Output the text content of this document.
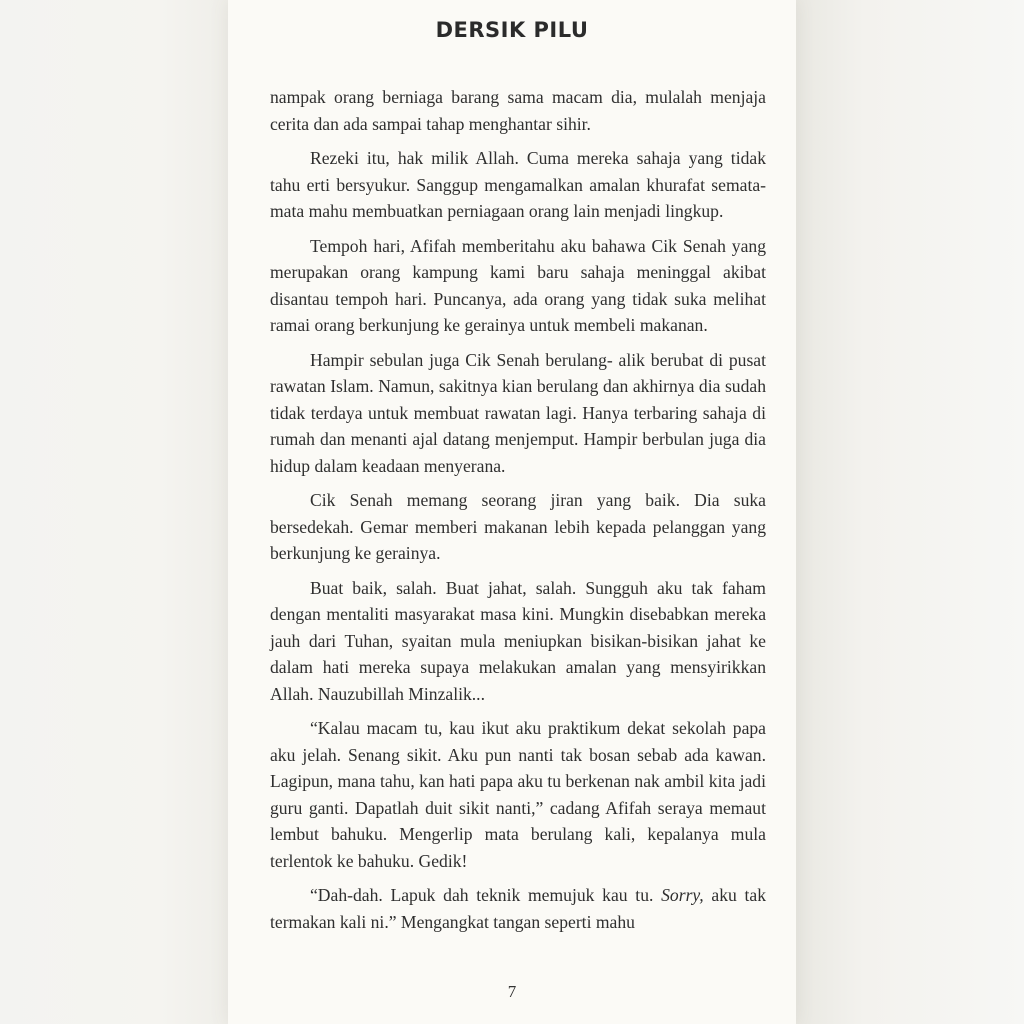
DERSIK PILU

nampak orang berniaga barang sama macam dia, mulalah menjaja cerita dan ada sampai tahap menghantar sihir.

Rezeki itu, hak milik Allah. Cuma mereka sahaja yang tidak tahu erti bersyukur. Sanggup mengamalkan amalan khurafat semata-mata mahu membuatkan perniagaan orang lain menjadi lingkup.

Tempoh hari, Afifah memberitahu aku bahawa Cik Senah yang merupakan orang kampung kami baru sahaja meninggal akibat disantau tempoh hari. Puncanya, ada orang yang tidak suka melihat ramai orang berkunjung ke gerainya untuk membeli makanan.

Hampir sebulan juga Cik Senah berulang- alik berubat di pusat rawatan Islam. Namun, sakitnya kian berulang dan akhirnya dia sudah tidak terdaya untuk membuat rawatan lagi. Hanya terbaring sahaja di rumah dan menanti ajal datang menjemput. Hampir berbulan juga dia hidup dalam keadaan menyerana.

Cik Senah memang seorang jiran yang baik. Dia suka bersedekah. Gemar memberi makanan lebih kepada pelanggan yang berkunjung ke gerainya.

Buat baik, salah. Buat jahat, salah. Sungguh aku tak faham dengan mentaliti masyarakat masa kini. Mungkin disebabkan mereka jauh dari Tuhan, syaitan mula meniupkan bisikan-bisikan jahat ke dalam hati mereka supaya melakukan amalan yang mensyirikkan Allah. Nauzubillah Minzalik...

“Kalau macam tu, kau ikut aku praktikum dekat sekolah papa aku jelah. Senang sikit. Aku pun nanti tak bosan sebab ada kawan. Lagipun, mana tahu, kan hati papa aku tu berkenan nak ambil kita jadi guru ganti. Dapatlah duit sikit nanti,” cadang Afifah seraya memaut lembut bahuku. Mengerlip mata berulang kali, kepalanya mula terlentok ke bahuku. Gedik!

“Dah-dah. Lapuk dah teknik memujuk kau tu. Sorry, aku tak termakan kali ni.” Mengangkat tangan seperti mahu

7
